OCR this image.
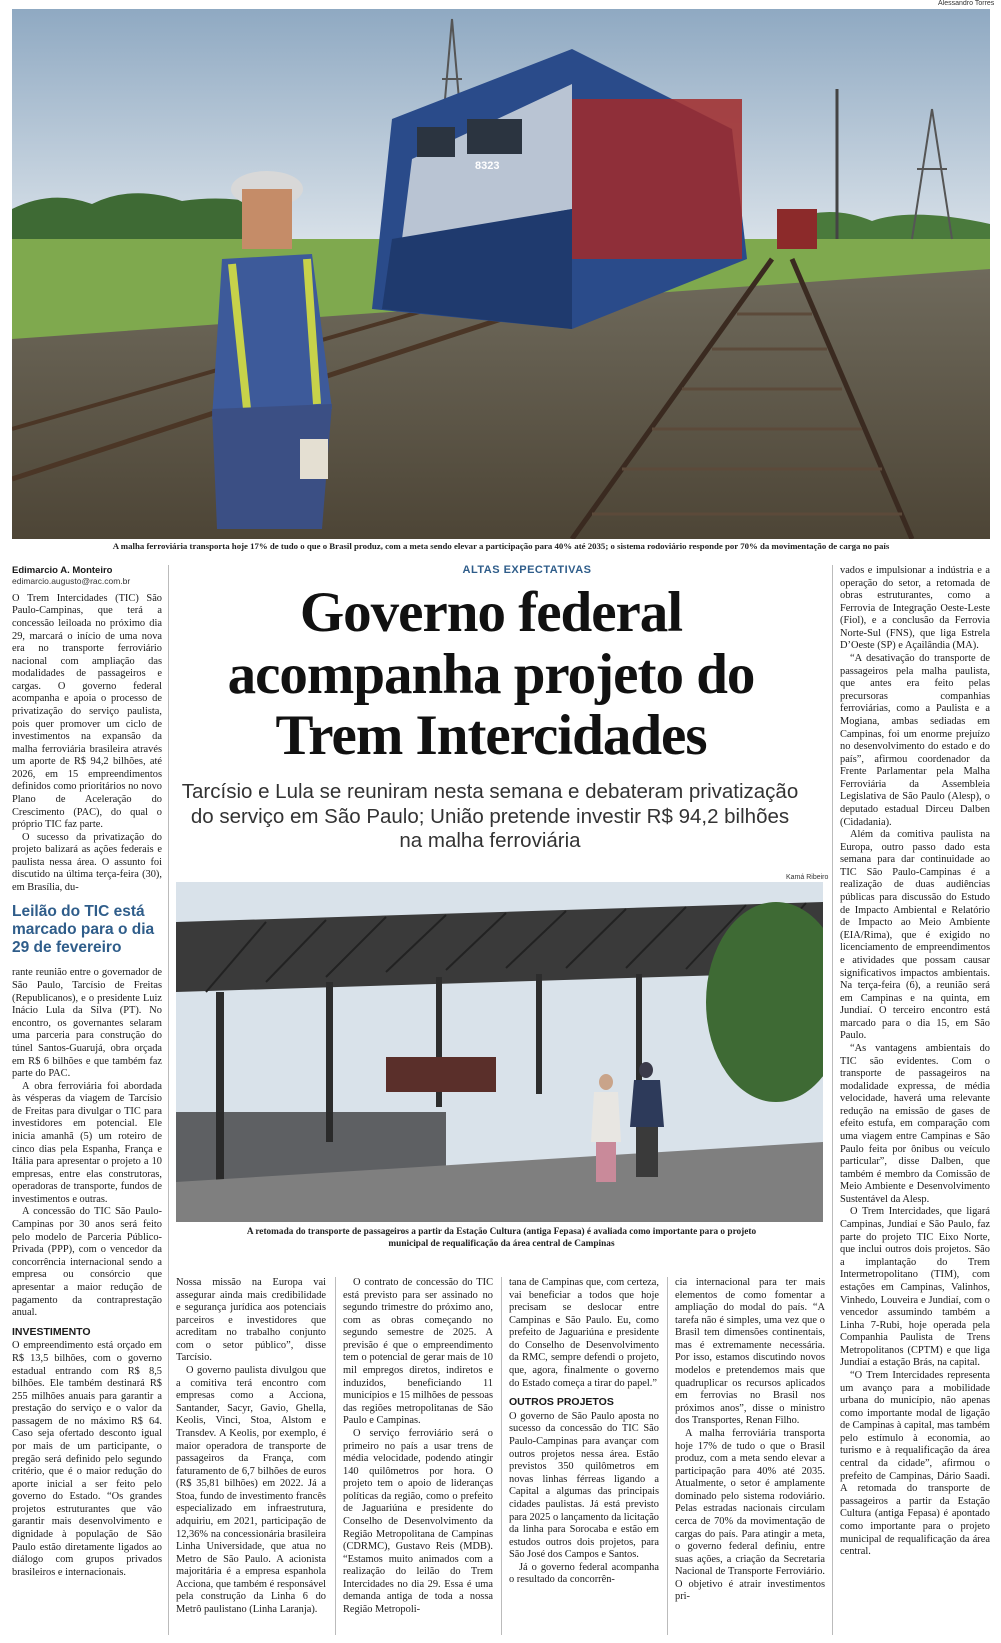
Alessandro Torres
8323
A malha ferroviária transporta hoje 17% de tudo o que o Brasil produz, com a meta sendo elevar a participação para 40% até 2035; o sistema rodoviário responde por 70% da movimentação de carga no país
Edimarcio A. Monteiro
edimarcio.augusto@rac.com.br

O Trem Intercidades (TIC) São Paulo-Campinas, que terá a concessão leiloada no próximo dia 29, marcará o início de uma nova era no transporte ferroviário nacional com ampliação das modalidades de passageiros e cargas. O governo federal acompanha e apoia o processo de privatização do serviço paulista, pois quer promover um ciclo de investimentos na expansão da malha ferroviária brasileira através um aporte de R$ 94,2 bilhões, até 2026, em 15 empreendimentos definidos como prioritários no novo Plano de Aceleração do Crescimento (PAC), do qual o próprio TIC faz parte.

O sucesso da privatização do projeto balizará as ações federais e paulista nessa área. O assunto foi discutido na última terça-feira (30), em Brasília, du-

Leilão do TIC está marcado para o dia 29 de fevereiro

rante reunião entre o governador de São Paulo, Tarcísio de Freitas (Republicanos), e o presidente Luiz Inácio Lula da Silva (PT). No encontro, os governantes selaram uma parceria para construção do túnel Santos-Guarujá, obra orçada em R$ 6 bilhões e que também faz parte do PAC.

A obra ferroviária foi abordada às vésperas da viagem de Tarcísio de Freitas para divulgar o TIC para investidores em potencial. Ele inicia amanhã (5) um roteiro de cinco dias pela Espanha, França e Itália para apresentar o projeto a 10 empresas, entre elas construtoras, operadoras de transporte, fundos de investimentos e outras.

A concessão do TIC São Paulo-Campinas por 30 anos será feito pelo modelo de Parceria Público-Privada (PPP), com o vencedor da concorrência internacional sendo a empresa ou consórcio que apresentar a maior redução de pagamento da contraprestação anual.

INVESTIMENTO

O empreendimento está orçado em R$ 13,5 bilhões, com o governo estadual entrando com R$ 8,5 bilhões. Ele também destinará R$ 255 milhões anuais para garantir a prestação do serviço e o valor da passagem de no máximo R$ 64. Caso seja ofertado desconto igual por mais de um participante, o pregão será definido pelo segundo critério, que é o maior redução do aporte inicial a ser feito pelo governo do Estado. “Os grandes projetos estruturantes que vão garantir mais desenvolvimento e dignidade à população de São Paulo estão diretamente ligados ao diálogo com grupos privados brasileiros e internacionais.

ALTAS EXPECTATIVAS
Governo federal acompanha projeto do Trem Intercidades
Tarcísio e Lula se reuniram nesta semana e debateram privatização do serviço em São Paulo; União pretende investir R$ 94,2 bilhões na malha ferroviária
Kamá Ribeiro
A retomada do transporte de passageiros a partir da Estação Cultura (antiga Fepasa) é avaliada como importante para o projeto municipal de requalificação da área central de Campinas

Nossa missão na Europa vai assegurar ainda mais credibilidade e segurança jurídica aos potenciais parceiros e investidores que acreditam no trabalho conjunto com o setor público”, disse Tarcísio.

O governo paulista divulgou que a comitiva terá encontro com empresas como a Acciona, Santander, Sacyr, Gavio, Ghella, Keolis, Vinci, Stoa, Alstom e Transdev. A Keolis, por exemplo, é maior operadora de transporte de passageiros da França, com faturamento de 6,7 bilhões de euros (R$ 35,81 bilhões) em 2022. Já a Stoa, fundo de investimento francês especializado em infraestrutura, adquiriu, em 2021, participação de 12,36% na concessionária brasileira Linha Universidade, que atua no Metro de São Paulo. A acionista majoritária é a empresa espanhola Acciona, que também é responsável pela construção da Linha 6 do Metrô paulistano (Linha Laranja).

O contrato de concessão do TIC está previsto para ser assinado no segundo trimestre do próximo ano, com as obras começando no segundo semestre de 2025. A previsão é que o empreendimento tem o potencial de gerar mais de 10 mil empregos diretos, indiretos e induzidos, beneficiando 11 municípios e 15 milhões de pessoas das regiões metropolitanas de São Paulo e Campinas.

O serviço ferroviário será o primeiro no país a usar trens de média velocidade, podendo atingir 140 quilômetros por hora. O projeto tem o apoio de lideranças políticas da região, como o prefeito de Jaguariúna e presidente do Conselho de Desenvolvimento da Região Metropolitana de Campinas (CDRMC), Gustavo Reis (MDB). “Estamos muito animados com a realização do leilão do Trem Intercidades no dia 29. Essa é uma demanda antiga de toda a nossa Região Metropoli-

tana de Campinas que, com certeza, vai beneficiar a todos que hoje precisam se deslocar entre Campinas e São Paulo. Eu, como prefeito de Jaguariúna e presidente do Conselho de Desenvolvimento da RMC, sempre defendi o projeto, que, agora, finalmente o governo do Estado começa a tirar do papel.”

OUTROS PROJETOS

O governo de São Paulo aposta no sucesso da concessão do TIC São Paulo-Campinas para avançar com outros projetos nessa área. Estão previstos 350 quilômetros em novas linhas férreas ligando a Capital a algumas das principais cidades paulistas. Já está previsto para 2025 o lançamento da licitação da linha para Sorocaba e estão em estudos outros dois projetos, para São José dos Campos e Santos.

Já o governo federal acompanha o resultado da concorrên-

cia internacional para ter mais elementos de como fomentar a ampliação do modal do país. “A tarefa não é simples, uma vez que o Brasil tem dimensões continentais, mas é extremamente necessária. Por isso, estamos discutindo novos modelos e pretendemos mais que quadruplicar os recursos aplicados em ferrovias no Brasil nos próximos anos”, disse o ministro dos Transportes, Renan Filho.

A malha ferroviária transporta hoje 17% de tudo o que o Brasil produz, com a meta sendo elevar a participação para 40% até 2035. Atualmente, o setor é amplamente dominado pelo sistema rodoviário. Pelas estradas nacionais circulam cerca de 70% da movimentação de cargas do país. Para atingir a meta, o governo federal definiu, entre suas ações, a criação da Secretaria Nacional de Transporte Ferroviário. O objetivo é atrair investimentos pri-

vados e impulsionar a indústria e a operação do setor, a retomada de obras estruturantes, como a Ferrovia de Integração Oeste-Leste (Fiol), e a conclusão da Ferrovia Norte-Sul (FNS), que liga Estrela D’Oeste (SP) e Açailândia (MA).

“A desativação do transporte de passageiros pela malha paulista, que antes era feito pelas precursoras companhias ferroviárias, como a Paulista e a Mogiana, ambas sediadas em Campinas, foi um enorme prejuízo no desenvolvimento do estado e do país”, afirmou coordenador da Frente Parlamentar pela Malha Ferroviária da Assembleia Legislativa de São Paulo (Alesp), o deputado estadual Dirceu Dalben (Cidadania).

Além da comitiva paulista na Europa, outro passo dado esta semana para dar continuidade ao TIC São Paulo-Campinas é a realização de duas audiências públicas para discussão do Estudo de Impacto Ambiental e Relatório de Impacto ao Meio Ambiente (EIA/Rima), que é exigido no licenciamento de empreendimentos e atividades que possam causar significativos impactos ambientais. Na terça-feira (6), a reunião será em Campinas e na quinta, em Jundiaí. O terceiro encontro está marcado para o dia 15, em São Paulo.

“As vantagens ambientais do TIC são evidentes. Com o transporte de passageiros na modalidade expressa, de média velocidade, haverá uma relevante redução na emissão de gases de efeito estufa, em comparação com uma viagem entre Campinas e São Paulo feita por ônibus ou veículo particular”, disse Dalben, que também é membro da Comissão de Meio Ambiente e Desenvolvimento Sustentável da Alesp.

O Trem Intercidades, que ligará Campinas, Jundiaí e São Paulo, faz parte do projeto TIC Eixo Norte, que inclui outros dois projetos. São a implantação do Trem Intermetropolitano (TIM), com estações em Campinas, Valinhos, Vinhedo, Louveira e Jundiaí, com o vencedor assumindo também a Linha 7-Rubi, hoje operada pela Companhia Paulista de Trens Metropolitanos (CPTM) e que liga Jundiaí a estação Brás, na capital.

“O Trem Intercidades representa um avanço para a mobilidade urbana do município, não apenas como importante modal de ligação de Campinas à capital, mas também pelo estímulo à economia, ao turismo e à requalificação da área central da cidade”, afirmou o prefeito de Campinas, Dário Saadi. A retomada do transporte de passageiros a partir da Estação Cultura (antiga Fepasa) é apontado como importante para o projeto municipal de requalificação da área central.
